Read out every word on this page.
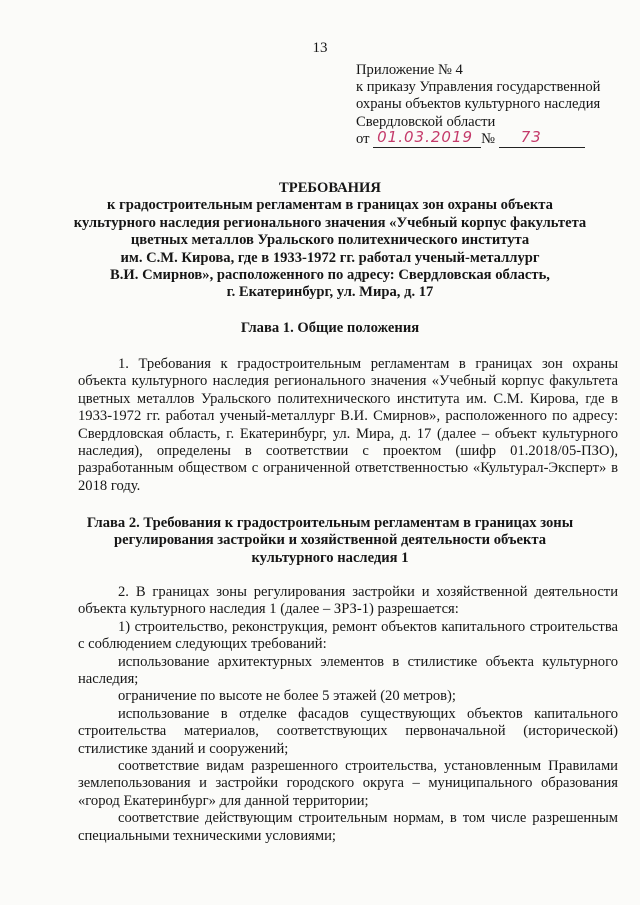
13
Приложение № 4
к приказу Управления государственной
охраны объектов культурного наследия
Свердловской области
от 01.03.2019 № 73
ТРЕБОВАНИЯ
к градостроительным регламентам в границах зон охраны объекта
культурного наследия регионального значения «Учебный корпус факультета
цветных металлов Уральского политехнического института
им. С.М. Кирова, где в 1933-1972 гг. работал ученый-металлург
В.И. Смирнов», расположенного по адресу: Свердловская область,
г. Екатеринбург, ул. Мира, д. 17
Глава 1. Общие положения

1. Требования к градостроительным регламентам в границах зон охраны объекта культурного наследия регионального значения «Учебный корпус факультета цветных металлов Уральского политехнического института им. С.М. Кирова, где в 1933-1972 гг. работал ученый-металлург В.И. Смирнов», расположенного по адресу: Свердловская область, г. Екатеринбург, ул. Мира, д. 17 (далее – объект культурного наследия), определены в соответствии с проектом (шифр 01.2018/05-ПЗО), разработанным обществом с ограниченной ответственностью «Культурал-Эксперт» в 2018 году.

Глава 2. Требования к градостроительным регламентам в границах зоны
регулирования застройки и хозяйственной деятельности объекта
культурного наследия 1

2. В границах зоны регулирования застройки и хозяйственной деятельности объекта культурного наследия 1 (далее – ЗРЗ-1) разрешается:

1) строительство, реконструкция, ремонт объектов капитального строительства с соблюдением следующих требований:

использование архитектурных элементов в стилистике объекта культурного наследия;

ограничение по высоте не более 5 этажей (20 метров);

использование в отделке фасадов существующих объектов капитального строительства материалов, соответствующих первоначальной (исторической) стилистике зданий и сооружений;

соответствие видам разрешенного строительства, установленным Правилами землепользования и застройки городского округа – муниципального образования «город Екатеринбург» для данной территории;

соответствие действующим строительным нормам, в том числе разрешенным специальными техническими условиями;
